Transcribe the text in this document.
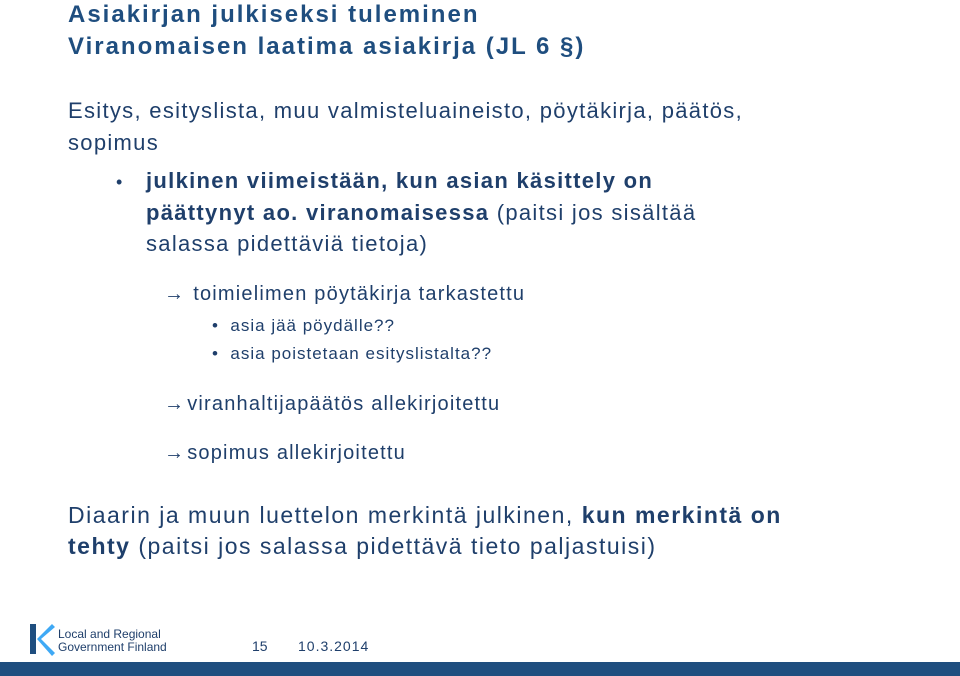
Asiakirjan julkiseksi tuleminen
Viranomaisen laatima asiakirja (JL 6 §)
Esitys, esityslista, muu valmisteluaineisto, pöytäkirja, päätös,
sopimus
• julkinen viimeistään, kun asian käsittely on
päättynyt ao. viranomaisessa (paitsi jos sisältää
salassa pidettäviä tietoja)
→ toimielimen pöytäkirja tarkastettu
•  asia jää pöydälle??
•  asia poistetaan esityslistalta??
→ viranhaltijapäätös allekirjoitettu
→ sopimus allekirjoitettu
Diaarin ja muun luettelon merkintä julkinen, kun merkintä on
tehty (paitsi jos salassa pidettävä tieto paljastuisi)
Local and Regional
Government Finland	15 10.3.2014
